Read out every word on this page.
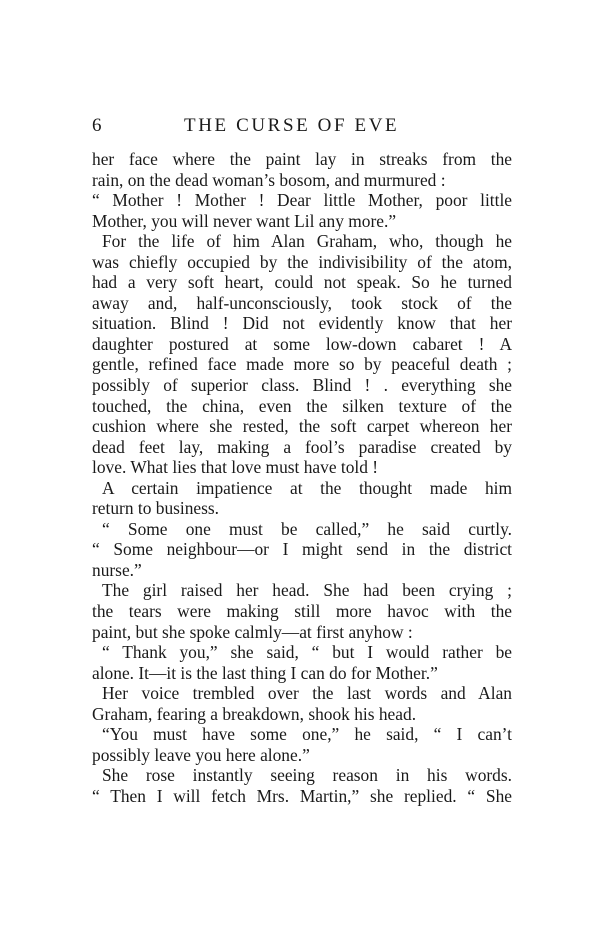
6	THE CURSE OF EVE
her face where the paint lay in streaks from the
rain, on the dead woman’s bosom, and murmured :
“ Mother ! Mother ! Dear little Mother, poor little
Mother, you will never want Lil any more.”
For the life of him Alan Graham, who, though he
was chiefly occupied by the indivisibility of the atom,
had a very soft heart, could not speak. So he turned
away and, half-unconsciously, took stock of the
situation. Blind ! Did not evidently know that her
daughter postured at some low-down cabaret ! A
gentle, refined face made more so by peaceful death ;
possibly of superior class. Blind ! . everything she
touched, the china, even the silken texture of the
cushion where she rested, the soft carpet whereon her
dead feet lay, making a fool’s paradise created by
love. What lies that love must have told !
A certain impatience at the thought made him
return to business.
“ Some one must be called,” he said curtly.
“ Some neighbour—or I might send in the district
nurse.”
The girl raised her head. She had been crying ;
the tears were making still more havoc with the
paint, but she spoke calmly—at first anyhow :
“ Thank you,” she said, “ but I would rather be
alone. It—it is the last thing I can do for Mother.”
Her voice trembled over the last words and Alan
Graham, fearing a breakdown, shook his head.
“You must have some one,” he said, “ I can’t
possibly leave you here alone.”
She rose instantly seeing reason in his words.
“ Then I will fetch Mrs. Martin,” she replied. “ She
